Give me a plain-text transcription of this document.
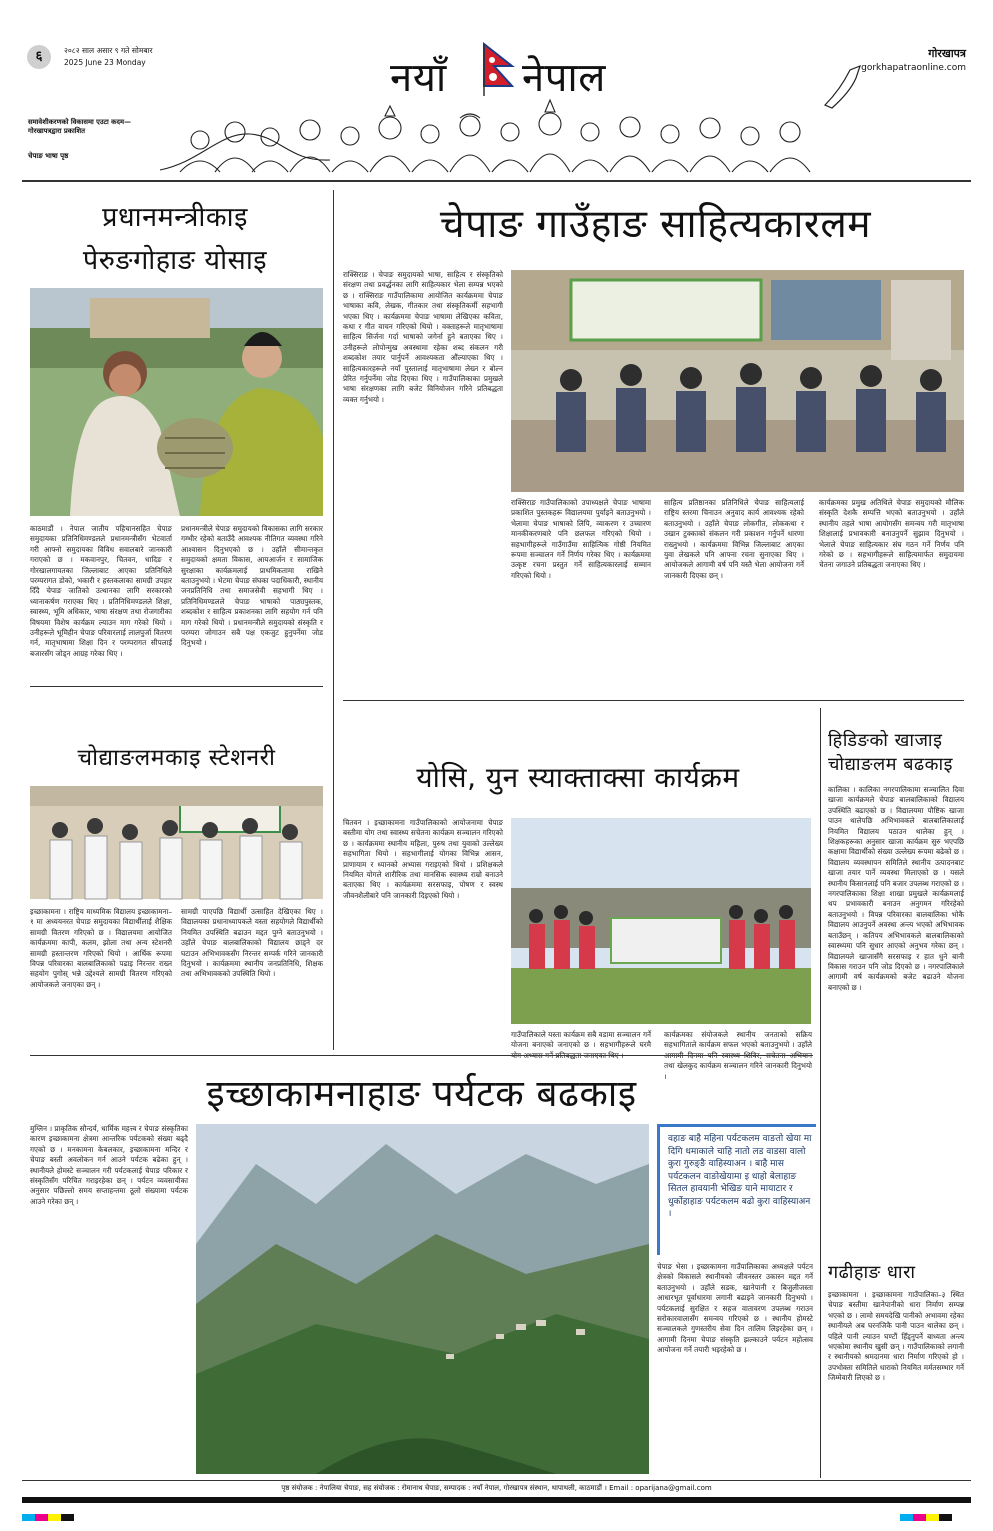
६	२०८२ साल असार ९ गते सोमबार
2025 June 23 Monday	नयाँ नेपाल
समावेशीकरणको विकासमा एउटा कदम—गोरखापत्रद्वारा प्रकाशित
चेपाङ भाषा पृष्ठ
गोरखापत्र
gorkhapatraonline.com
प्रधानमन्त्रीकाइ
पेरुङगोहाङ योसाइ
काठमाडौं । नेपाल जातीय पहिचानसहित चेपाङ समुदायका प्रतिनिधिमण्डलले प्रधानमन्त्रीसँग भेटवार्ता गरी आफ्नो समुदायका विविध सवालबारे जानकारी गराएको छ । मकवानपुर, चितवन, धादिङ र गोरखालगायतका जिल्लाबाट आएका प्रतिनिधिले परम्परागत डोको, भकारी र हस्तकलाका सामग्री उपहार दिँदै चेपाङ जातिको उत्थानका लागि सरकारको ध्यानाकर्षण गराएका थिए । प्रतिनिधिमण्डलले शिक्षा, स्वास्थ्य, भूमि अधिकार, भाषा संरक्षण तथा रोजगारीका विषयमा विशेष कार्यक्रम ल्याउन माग गरेको थियो । उनीहरूले भूमिहीन चेपाङ परिवारलाई लालपुर्जा वितरण गर्न, मातृभाषामा शिक्षा दिन र परम्परागत सीपलाई बजारसँग जोड्न आग्रह गरेका थिए ।
प्रधानमन्त्रीले चेपाङ समुदायको विकासका लागि सरकार गम्भीर रहेको बताउँदै आवश्यक नीतिगत व्यवस्था गरिने आश्वासन दिनुभएको छ । उहाँले सीमान्तकृत समुदायको क्षमता विकास, आयआर्जन र सामाजिक सुरक्षाका कार्यक्रमलाई प्राथमिकतामा राखिने बताउनुभयो । भेटमा चेपाङ संघका पदाधिकारी, स्थानीय जनप्रतिनिधि तथा समाजसेवी सहभागी थिए । प्रतिनिधिमण्डलले चेपाङ भाषाको पाठ्यपुस्तक, शब्दकोश र साहित्य प्रकाशनका लागि सहयोग गर्न पनि माग गरेको थियो । प्रधानमन्त्रीले समुदायको संस्कृति र परम्परा जोगाउन सबै पक्ष एकजुट हुनुपर्नेमा जोड दिनुभयो ।
चोद्याङलमकाइ स्टेशनरी
इच्छाकामना । राष्ट्रिय माध्यमिक विद्यालय इच्छाकामना–१ मा अध्ययनरत चेपाङ समुदायका विद्यार्थीलाई शैक्षिक सामग्री वितरण गरिएको छ । विद्यालयमा आयोजित कार्यक्रममा कापी, कलम, झोला तथा अन्य स्टेशनरी सामग्री हस्तान्तरण गरिएको थियो । आर्थिक रूपमा विपन्न परिवारका बालबालिकाको पढाइ निरन्तर राख्न सहयोग पुगोस् भन्ने उद्देश्यले सामग्री वितरण गरिएको आयोजकले जनाएका छन् ।
सामग्री पाएपछि विद्यार्थी उत्साहित देखिएका थिए । विद्यालयका प्रधानाध्यापकले यस्ता सहयोगले विद्यार्थीको नियमित उपस्थिति बढाउन मद्दत पुग्ने बताउनुभयो । उहाँले चेपाङ बालबालिकाको विद्यालय छाड्ने दर घटाउन अभिभावकसँग निरन्तर सम्पर्क गरिने जानकारी दिनुभयो । कार्यक्रममा स्थानीय जनप्रतिनिधि, शिक्षक तथा अभिभावकको उपस्थिति थियो ।
चेपाङ गाउँहाङ साहित्यकारलम
राक्सिराङ । चेपाङ समुदायको भाषा, साहित्य र संस्कृतिको संरक्षण तथा प्रवर्द्धनका लागि साहित्यकार भेला सम्पन्न भएको छ । राक्सिराङ गाउँपालिकामा आयोजित कार्यक्रममा चेपाङ भाषाका कवि, लेखक, गीतकार तथा संस्कृतिकर्मी सहभागी भएका थिए । कार्यक्रममा चेपाङ भाषामा लेखिएका कविता, कथा र गीत वाचन गरिएको थियो । वक्ताहरूले मातृभाषामा साहित्य सिर्जना गर्दा भाषाको जगेर्ना हुने बताएका थिए । उनीहरूले लोपोन्मुख अवस्थामा रहेका शब्द संकलन गरी शब्दकोश तयार पार्नुपर्ने आवश्यकता औंल्याएका थिए । साहित्यकारहरूले नयाँ पुस्तालाई मातृभाषामा लेख्न र बोल्न प्रेरित गर्नुपर्नेमा जोड दिएका थिए । गाउँपालिकाका प्रमुखले भाषा संरक्षणका लागि बजेट विनियोजन गरिने प्रतिबद्धता व्यक्त गर्नुभयो ।
राक्सिराङ गाउँपालिकाको उपाध्यक्षले चेपाङ भाषामा प्रकाशित पुस्तकहरू विद्यालयमा पुर्याइने बताउनुभयो । भेलामा चेपाङ भाषाको लिपि, व्याकरण र उच्चारण मानकीकरणबारे पनि छलफल गरिएको थियो । सहभागीहरूले गाउँगाउँमा साहित्यिक गोष्ठी नियमित रूपमा सञ्चालन गर्ने निर्णय गरेका थिए । कार्यक्रममा उत्कृष्ट रचना प्रस्तुत गर्ने साहित्यकारलाई सम्मान गरिएको थियो ।
साहित्य प्रतिष्ठानका प्रतिनिधिले चेपाङ साहित्यलाई राष्ट्रिय स्तरमा चिनाउन अनुवाद कार्य आवश्यक रहेको बताउनुभयो । उहाँले चेपाङ लोकगीत, लोककथा र उखान टुक्काको संकलन गरी प्रकाशन गर्नुपर्ने धारणा राख्नुभयो । कार्यक्रममा विभिन्न जिल्लाबाट आएका युवा लेखकले पनि आफ्ना रचना सुनाएका थिए । आयोजकले आगामी वर्ष पनि यस्तै भेला आयोजना गर्ने जानकारी दिएका छन् ।
कार्यक्रमका प्रमुख अतिथिले चेपाङ समुदायको मौलिक संस्कृति देशकै सम्पत्ति भएको बताउनुभयो । उहाँले स्थानीय तहले भाषा आयोगसँग समन्वय गरी मातृभाषा शिक्षालाई प्रभावकारी बनाउनुपर्ने सुझाव दिनुभयो । भेलाले चेपाङ साहित्यकार संघ गठन गर्ने निर्णय पनि गरेको छ । सहभागीहरूले साहित्यमार्फत समुदायमा चेतना जगाउने प्रतिबद्धता जनाएका थिए ।
योसि, युन स्याक्ताक्सा कार्यक्रम
चितवन । इच्छाकामना गाउँपालिकाको आयोजनामा चेपाङ बस्तीमा योग तथा स्वास्थ्य सचेतना कार्यक्रम सञ्चालन गरिएको छ । कार्यक्रममा स्थानीय महिला, पुरुष तथा युवाको उल्लेख्य सहभागिता थियो । सहभागीलाई योगका विभिन्न आसन, प्राणायाम र ध्यानको अभ्यास गराइएको थियो । प्रशिक्षकले नियमित योगले शारीरिक तथा मानसिक स्वास्थ्य राम्रो बनाउने बताएका थिए । कार्यक्रममा सरसफाइ, पोषण र स्वस्थ जीवनशैलीबारे पनि जानकारी दिइएको थियो ।
गाउँपालिकाले यस्ता कार्यक्रम सबै वडामा सञ्चालन गर्ने योजना बनाएको जनाएको छ । सहभागीहरूले घरमै
कार्यक्रमका संयोजकले स्थानीय जनताको सक्रिय सहभागिताले कार्यक्रम सफल भएको बताउनुभयो । उहाँले तथा खेलकुद कार्यक्रम सञ्चालन गरिने जानकारी दिनुभयो ।
हिडिङको खाजाइ
चोद्याङलम बढकाइ
कालिका । कालिका नगरपालिकामा सञ्चालित दिवा खाजा कार्यक्रमले चेपाङ बालबालिकाको विद्यालय उपस्थिति बढाएको छ । विद्यालयमा पौष्टिक खाजा पाउन थालेपछि अभिभावकले बालबालिकालाई नियमित विद्यालय पठाउन थालेका हुन् । शिक्षकहरूका अनुसार खाजा कार्यक्रम सुरु भएपछि कक्षामा विद्यार्थीको संख्या उल्लेख्य रूपमा बढेको छ । विद्यालय व्यवस्थापन समितिले स्थानीय उत्पादनबाट खाजा तयार पार्ने व्यवस्था मिलाएको छ । यसले स्थानीय किसानलाई पनि बजार उपलब्ध गराएको छ । नगरपालिकाका शिक्षा शाखा प्रमुखले कार्यक्रमलाई थप प्रभावकारी बनाउन अनुगमन गरिरहेको बताउनुभयो । विपन्न परिवारका बालबालिका भोकै विद्यालय आउनुपर्ने अवस्था अन्त्य भएको अभिभावक बताउँछन् । कतिपय अभिभावकले बालबालिकाको स्वास्थ्यमा पनि सुधार आएको अनुभव गरेका छन् । विद्यालयले खाजासँगै सरसफाइ र हात धुने बानी विकास गराउन पनि जोड दिएको छ । नगरपालिकाले आगामी वर्ष कार्यक्रमको बजेट बढाउने योजना बनाएको छ ।
गढीहाङ धारा
इच्छाकामना । इच्छाकामना गाउँपालिका–३ स्थित चेपाङ बस्तीमा खानेपानीको धारा निर्माण सम्पन्न भएको छ । लामो समयदेखि पानीको अभावमा रहेका स्थानीयले अब घरनजिकै पानी पाउन थालेका छन् । पहिले पानी ल्याउन घण्टौं हिँड्नुपर्ने बाध्यता अन्त्य भएकोमा स्थानीय खुसी छन् । गाउँपालिकाको लगानी र स्थानीयको श्रमदानमा धारा निर्माण गरिएको हो । उपभोक्ता समितिले धाराको नियमित मर्मतसम्भार गर्ने जिम्मेवारी लिएको छ ।
इच्छाकामनाहाङ पर्यटक बढकाइ
मुग्लिन । प्राकृतिक सौन्दर्य, धार्मिक महत्त्व र चेपाङ संस्कृतिका कारण इच्छाकामना क्षेत्रमा आन्तरिक पर्यटकको संख्या बढ्दै गएको छ । मनकामना केबलकार, इच्छाकामना मन्दिर र चेपाङ बस्ती अवलोकन गर्न आउने पर्यटक बढेका हुन् । स्थानीयले होमस्टे सञ्चालन गरी पर्यटकलाई चेपाङ परिकार र संस्कृतिसँग परिचित गराइरहेका छन् । पर्यटन व्यवसायीका अनुसार पछिल्लो समय सप्ताहन्तमा ठूलो संख्यामा पर्यटक आउने गरेका छन् ।
वहाङ बाहै महिना पर्यटकलम वाङतो खेया मा दिगि धमाकाले चाहि नातो लड वाडसा वालो कुरा गुरुङ्ङै वाहिस्याअन । बाहै मास पर्यटकलन वाङोखेयामा इ धाहो बेलाहाङ सितल हावयानी भेखिङ याने मायाटार र धुर्कोहाहाङ पर्यटकलम बढो कुरा वाहिस्याअन ।
चेपाङ भेसा । इच्छाकामना गाउँपालिकाका अध्यक्षले पर्यटन क्षेत्रको विकासले स्थानीयको जीवनस्तर उकास्न मद्दत गर्ने बताउनुभयो । उहाँले सडक, खानेपानी र बिजुलीजस्ता आधारभूत पूर्वाधारमा लगानी बढाइने जानकारी दिनुभयो । पर्यटकलाई सुरक्षित र सहज वातावरण उपलब्ध गराउन सरोकारवालासँग समन्वय गरिएको छ । स्थानीय होमस्टे सञ्चालकले गुणस्तरीय सेवा दिन तालिम लिइरहेका छन् । आगामी दिनमा चेपाङ संस्कृति झल्काउने पर्यटन महोत्सव आयोजना गर्ने तयारी भइरहेको छ ।
पृष्ठ संयोजक : नेपालिया चेपाङ, सह संयोजक : रोमानाथ चेपाङ, सम्पादक : नयाँ नेपाल, गोरखापत्र संस्थान, थापाथली, काठमाडौं । Email : oparijana@gmail.com
